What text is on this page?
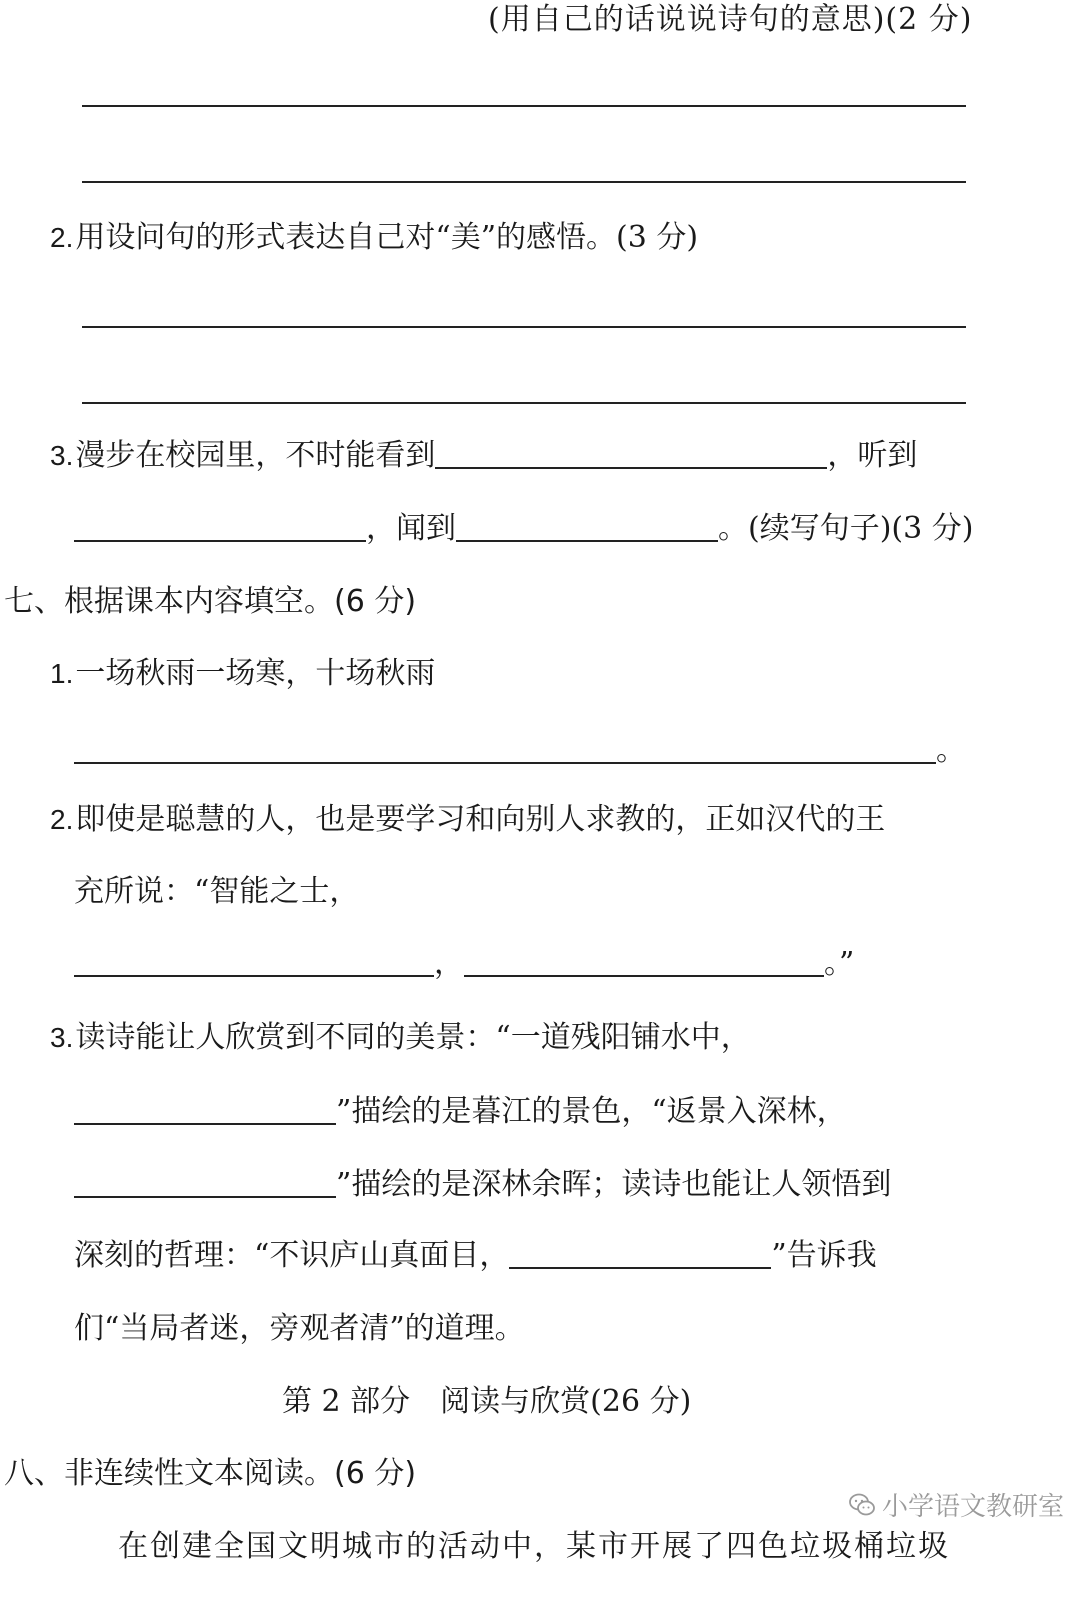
(用自己的话说说诗句的意思)(2 分)
2.用设问句的形式表达自己对“美”的感悟。(3 分)
3.漫步在校园里，不时能看到	，听到
，闻到	。(续写句子)(3 分)
七、根据课本内容填空。(6 分)
1.一场秋雨一场寒，十场秋雨
。
2.即使是聪慧的人，也是要学习和向别人求教的，正如汉代的王
充所说：“智能之士，
，	。”
3.读诗能让人欣赏到不同的美景：“一道残阳铺水中，
”描绘的是暮江的景色，“返景入深林，
”描绘的是深林余晖；读诗也能让人领悟到
深刻的哲理：“不识庐山真面目，	”告诉我
们“当局者迷，旁观者清”的道理。
第 2 部分　阅读与欣赏(26 分)
八、非连续性文本阅读。(6 分)
在创建全国文明城市的活动中，某市开展了四色垃圾桶垃圾
小学语文教研室
